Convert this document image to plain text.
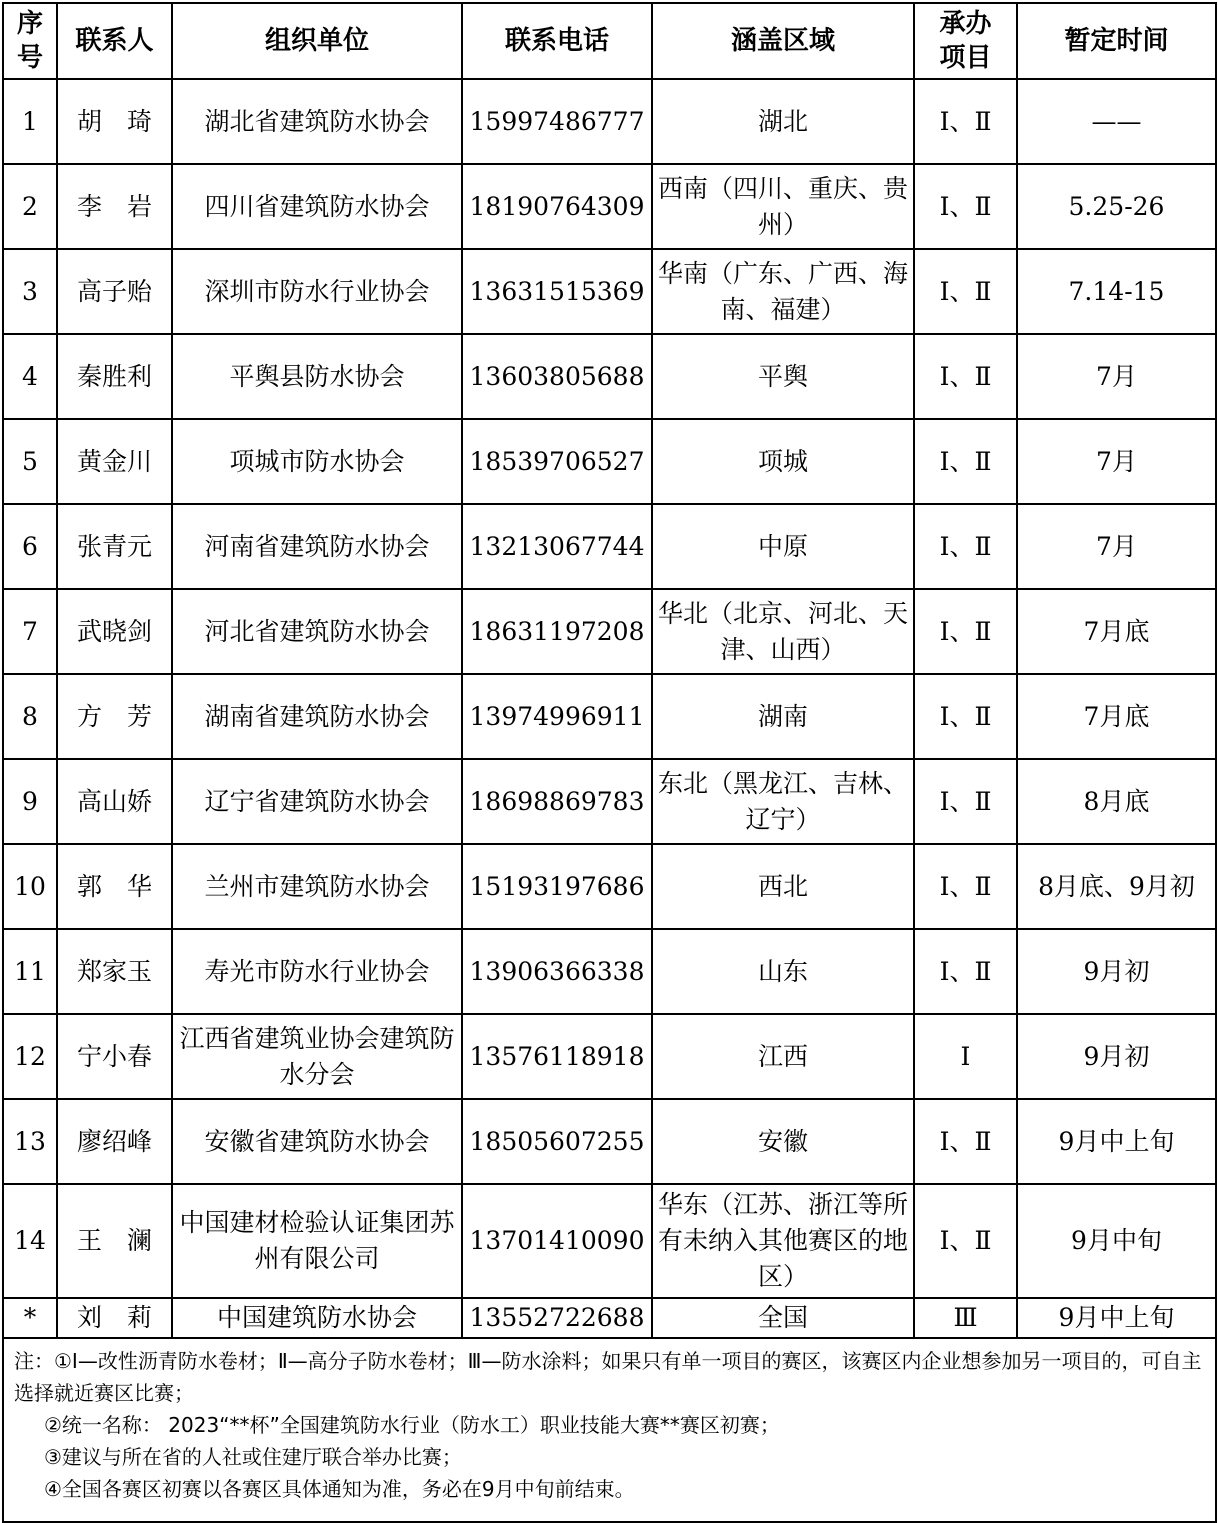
序号	联系人	组织单位	联系电话	涵盖区域	承办项目	暂定时间
1	胡　琦	湖北省建筑防水协会	15997486777	湖北	Ⅰ、Ⅱ	——
2	李　岩	四川省建筑防水协会	18190764309	西南（四川、重庆、贵州）	Ⅰ、Ⅱ	5.25-26
3	高子贻	深圳市防水行业协会	13631515369	华南（广东、广西、海南、福建）	Ⅰ、Ⅱ	7.14-15
4	秦胜利	平舆县防水协会	13603805688	平舆	Ⅰ、Ⅱ	7月
5	黄金川	项城市防水协会	18539706527	项城	Ⅰ、Ⅱ	7月
6	张青元	河南省建筑防水协会	13213067744	中原	Ⅰ、Ⅱ	7月
7	武晓剑	河北省建筑防水协会	18631197208	华北（北京、河北、天津、山西）	Ⅰ、Ⅱ	7月底
8	方　芳	湖南省建筑防水协会	13974996911	湖南	Ⅰ、Ⅱ	7月底
9	高山娇	辽宁省建筑防水协会	18698869783	东北（黑龙江、吉林、辽宁）	Ⅰ、Ⅱ	8月底
10	郭　华	兰州市建筑防水协会	15193197686	西北	Ⅰ、Ⅱ	8月底、9月初
11	郑家玉	寿光市防水行业协会	13906366338	山东	Ⅰ、Ⅱ	9月初
12	宁小春	江西省建筑业协会建筑防水分会	13576118918	江西	Ⅰ	9月初
13	廖绍峰	安徽省建筑防水协会	18505607255	安徽	Ⅰ、Ⅱ	9月中上旬
14	王　澜	中国建材检验认证集团苏州有限公司	13701410090	华东（江苏、浙江等所有未纳入其他赛区的地区）	Ⅰ、Ⅱ	9月中旬
*	刘　莉	中国建筑防水协会	13552722688	全国	Ⅲ	9月中上旬

注：①Ⅰ—改性沥青防水卷材；Ⅱ—高分子防水卷材；Ⅲ—防水涂料；如果只有单一项目的赛区，该赛区内企业想参加另一项目的，可自主选择就近赛区比赛；
②统一名称： 2023“**杯”全国建筑防水行业（防水工）职业技能大赛**赛区初赛；
③建议与所在省的人社或住建厅联合举办比赛；
④全国各赛区初赛以各赛区具体通知为准，务必在9月中旬前结束。						
